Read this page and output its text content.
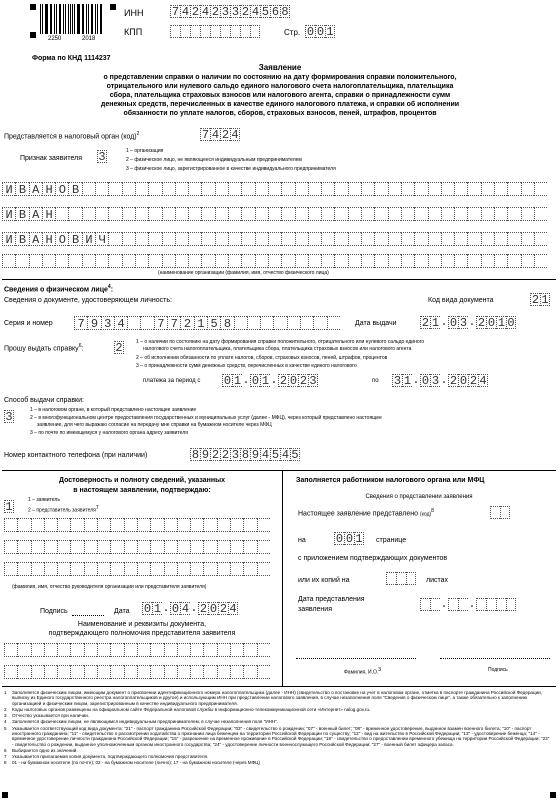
2250	2018
ИНН 7 4 2 4 2 3 3 2 4 5 6 8
КПП	Стр. 0 0 1
Форма по КНД 1114237
Заявление
о представлении справки о наличии по состоянию на дату формирования справки положительного,
отрицательного или нулевого сальдо единого налогового счета налогоплательщика, плательщика
сбора, плательщика страховых взносов или налогового агента, справки о принадлежности сумм
денежных средств, перечисленных в качестве единого налогового платежа, и справки об исполнении
обязанности по уплате налогов, сборов, страховых взносов, пеней, штрафов, процентов
Представляется в налоговый орган (код)$^2$	7 4 2 4
Признак заявителя 3	1 – организация
2 – физическое лицо, не являющееся индивидуальным предпринимателем
3 – физическое лицо, зарегистрированное в качестве индивидуального предпринимателя
И В А Н О В
И В А Н
И В А Н О В И Ч
(наименование организации (фамилия, имя, отчество физического лица)
Сведения о физическом лице$^4$:
Сведения о документе, удостоверяющем личность:	Код вида документа	2 1
Серия и номер 7 9 3 4	7 7 2 1 5 8	Дата выдачи 2 1 . 0 3 . 2 0 1 0
Прошу выдать справку$^6$:	2	1 – о наличии по состоянию на дату формирования справки положительного, отрицательного или нулевого сальдо единого
налогового счета налогоплательщика, плательщика сбора, плательщика страховых взносов или налогового агента
2 – об исполнении обязанности по уплате налогов, сборов, страховых взносов, пеней, штрафов, процентов
3 – о принадлежности сумм денежных средств, перечисленных в качестве единого налогового
платежа за период с 0 1 . 0 1 . 2 0 2 3	по 3 1 . 0 3 . 2 0 2 4
Способ выдачи справки:
3	1 – в налоговом органе, в который представлено настоящее заявление
2 – в многофункциональном центре предоставления государственных и муниципальных услуг (далее - МФЦ), через который представлено настоящее
заявление, для чего выражаю согласие на передачу мне справки на бумажном носителе через МФЦ
3 – по почте по имеющемуся у налогового органа адресу заявителя
Номер контактного телефона (при наличии)	8 9 2 2 3 8 9 4 5 4 5
Достоверность и полноту сведений, указанных
в настоящем заявлении, подтверждаю:
1	1 – заявитель
2 – представитель заявителя$^7$
(фамилия, имя, отчество руководителя организации или представителя заявителя)
Подпись	Дата 0 1 . 0 4 . 2 0 2 4
Наименование и реквизиты документа,
подтверждающего полномочия представителя заявителя
Заполняется работником налогового органа или МФЦ
Сведения о представлении заявления
Настоящее заявление представлено (код)$^8$
на	0 0 1 странице
с приложением подтверждающих документов
или их копий на	листах
Дата представления
заявления	. .
Фамилия, И.О.$^3$	Подпись
1 Заполняется физическим лицом, имеющим документ о присвоении идентификационного номера налогоплательщика (далее - ИНН) (свидетельство о постановке на учет в налоговом органе, отметка в паспорте гражданина Российской Федерации, выписку из Единого государственного реестра налогоплательщиков и другое) и использующим ИНН при представлении налогового заявления, в случае незаполнения поля "Сведения о физическом лице", а также обязательно к заполнению организацией и физическим лицом, зарегистрированным в качестве индивидуального предпринимателя.
2 Коды налоговых органов размещены на официальном сайте Федеральной налоговой службы в информационно-телекоммуникационной сети «Интернет» nalog.gov.ru.
3 Отчество указывается при наличии.
4 Заполняется физическим лицом, не являющимся индивидуальным предпринимателем, в случае незаполнения поля "ИНН".
5 Указывается соответствующий код вида документа: "21" - паспорт гражданина Российской Федерации; "03" - свидетельство о рождении; "07" - военный билет; "08" - временное удостоверение, выданное взамен военного билета; "10" - паспорт иностранного гражданина; "11" - свидетельство о рассмотрении ходатайства о признании лица беженцем на территории Российской Федерации по существу; "12" - вид на жительство в Российской Федерации; "13" - удостоверение беженца; "14" - временное удостоверение личности гражданина Российской Федерации; "15" - разрешение на временное проживание в Российской Федерации; "18" - свидетельство о предоставлении временного убежища на территории Российской Федерации; "23" - свидетельство о рождении, выданное уполномоченным органом иностранного государства; "24" - удостоверение личности военнослужащего Российской Федерации; "27" - военный билет офицера запаса.
6 Выбирается одно из значений.
7 Указывается прилагаемая копия документа, подтверждающего полномочия представителя.
8 01 - на бумажном носителе (по почте); 02 - на бумажном носителе (лично); 17 - на бумажном носителе (через МФЦ)
